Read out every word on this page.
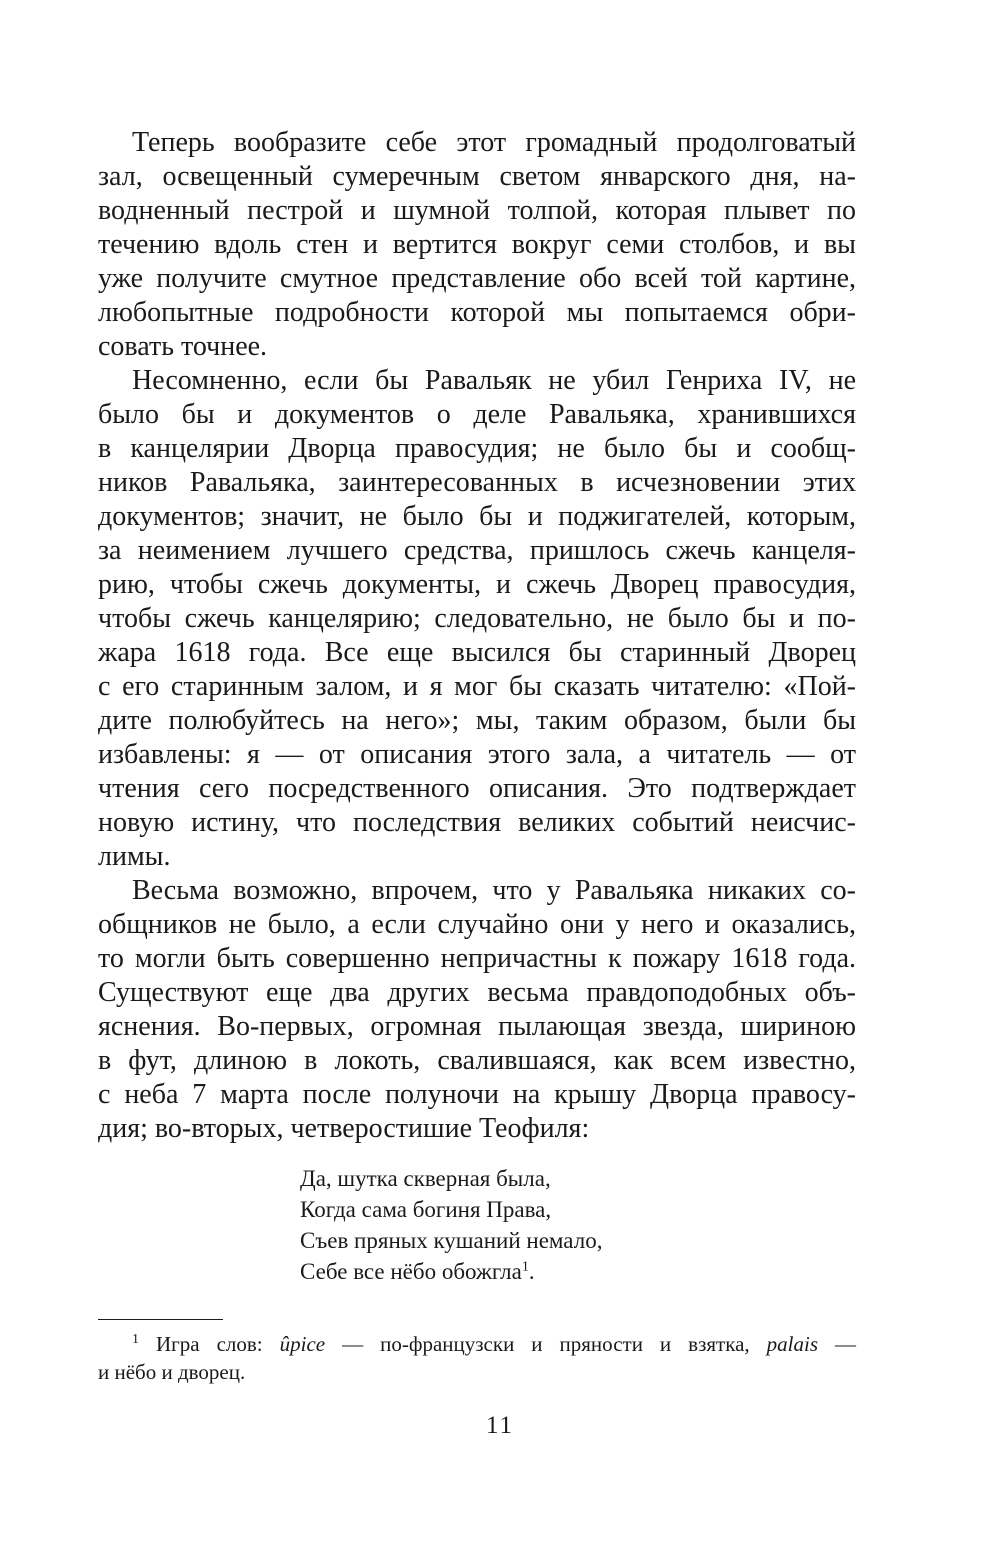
Теперь вообразите себе этот громадный продолговатый
зал, освещенный сумеречным светом январского дня, на-
водненный пестрой и шумной толпой, которая плывет по
течению вдоль стен и вертится вокруг семи столбов, и вы
уже получите смутное представление обо всей той картине,
любопытные подробности которой мы попытаемся обри-
совать точнее.

Несомненно, если бы Равальяк не убил Генриха IV, не
было бы и документов о деле Равальяка, хранившихся
в канцелярии Дворца правосудия; не было бы и сообщ-
ников Равальяка, заинтересованных в исчезновении этих
документов; значит, не было бы и поджигателей, которым,
за неимением лучшего средства, пришлось сжечь канцеля-
рию, чтобы сжечь документы, и сжечь Дворец правосудия,
чтобы сжечь канцелярию; следовательно, не было бы и по-
жара 1618 года. Все еще высился бы старинный Дворец
с его старинным залом, и я мог бы сказать читателю: «Пой-
дите полюбуйтесь на него»; мы, таким образом, были бы
избавлены: я — от описания этого зала, а читатель — от
чтения сего посредственного описания. Это подтверждает
новую истину, что последствия великих событий неисчис-
лимы.

Весьма возможно, впрочем, что у Равальяка никаких со-
общников не было, а если случайно они у него и оказались,
то могли быть совершенно непричастны к пожару 1618 года.
Существуют еще два других весьма правдоподобных объ-
яснения. Во-первых, огромная пылающая звезда, шириною
в фут, длиною в локоть, свалившаяся, как всем известно,
с неба 7 марта после полуночи на крышу Дворца правосу-
дия; во-вторых, четверостишие Теофиля:

Да, шутка скверная была,
Когда сама богиня Права,
Съев пряных кушаний немало,
Себе все нёбо обожгла$^1$.
$^1$ Игра слов: ûpice — по-французски и пряности и взятка, palais —
и нёбо и дворец.
11
